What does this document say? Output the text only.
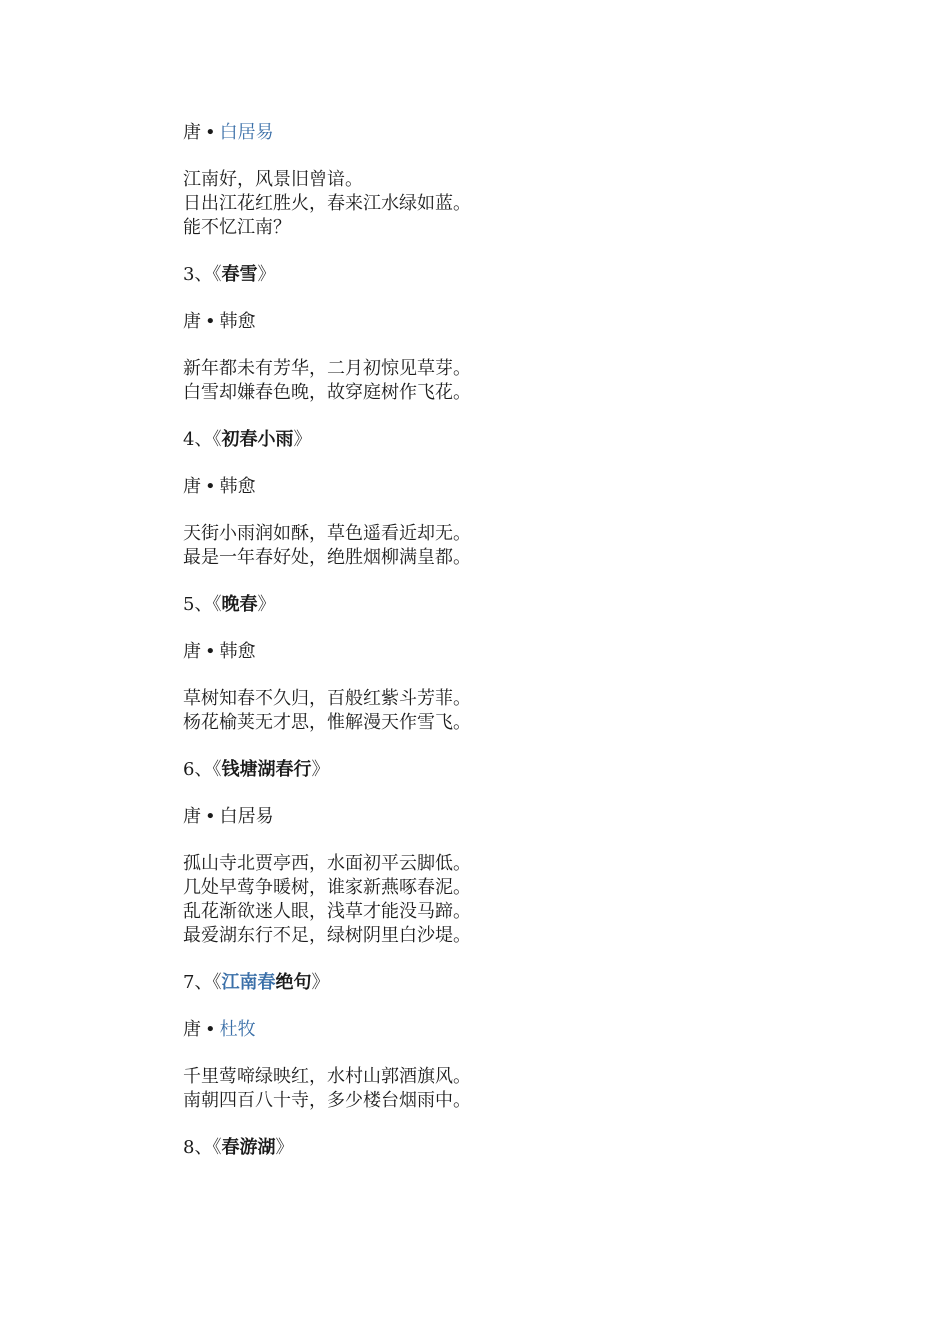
唐 • 白居易
江南好，风景旧曾谙。
日出江花红胜火，春来江水绿如蓝。
能不忆江南？
3、《春雪》
唐 • 韩愈
新年都未有芳华，二月初惊见草芽。
白雪却嫌春色晚，故穿庭树作飞花。
4、《初春小雨》
唐 • 韩愈
天街小雨润如酥，草色遥看近却无。
最是一年春好处，绝胜烟柳满皇都。
5、《晚春》
唐 • 韩愈
草树知春不久归，百般红紫斗芳菲。
杨花榆荚无才思，惟解漫天作雪飞。
6、《钱塘湖春行》
唐 • 白居易
孤山寺北贾亭西，水面初平云脚低。
几处早莺争暖树，谁家新燕啄春泥。
乱花渐欲迷人眼，浅草才能没马蹄。
最爱湖东行不足，绿树阴里白沙堤。
7、《江南春绝句》
唐 • 杜牧
千里莺啼绿映红，水村山郭酒旗风。
南朝四百八十寺，多少楼台烟雨中。
8、《春游湖》
